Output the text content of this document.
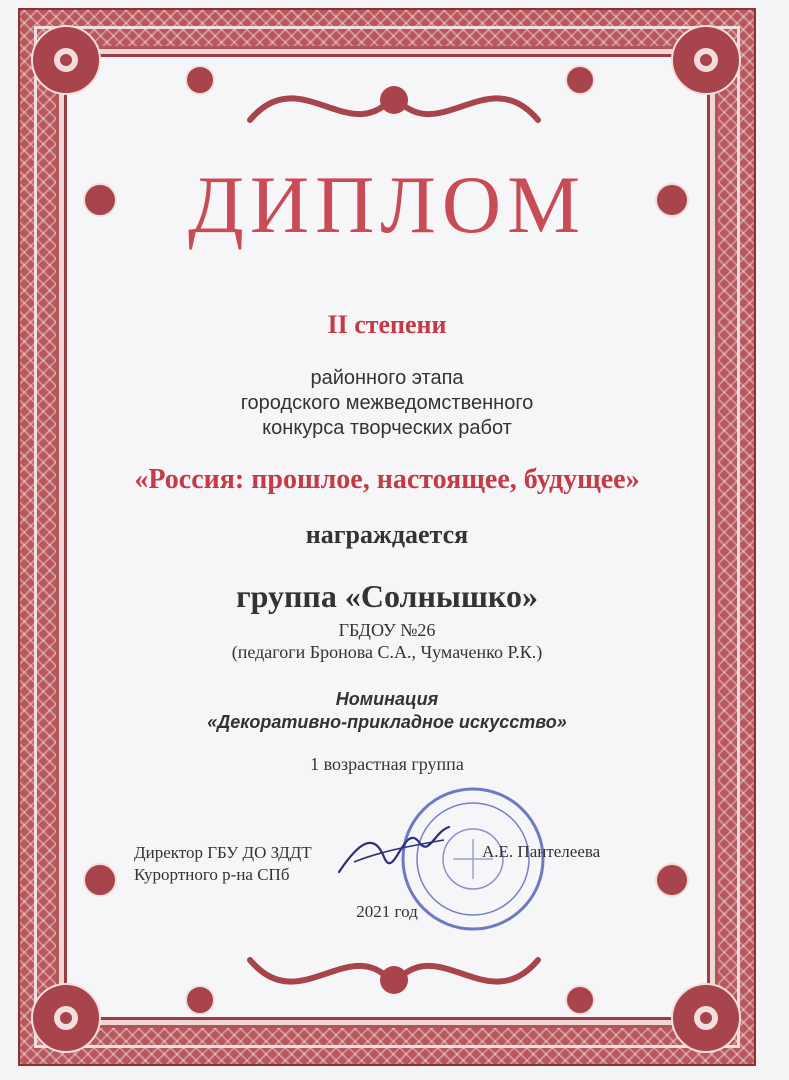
ДИПЛОМ
II степени
районного этапа
городского межведомственного
конкурса творческих работ
«Россия: прошлое, настоящее, будущее»
награждается
группа «Солнышко»
ГБДОУ №26
(педагоги Бронова С.А., Чумаченко Р.К.)
Номинация
«Декоративно-прикладное искусство»
1 возрастная группа
Директор ГБУ ДО ЗДДТ
Курортного р-на СПб
А.Е. Пантелеева
2021 год
